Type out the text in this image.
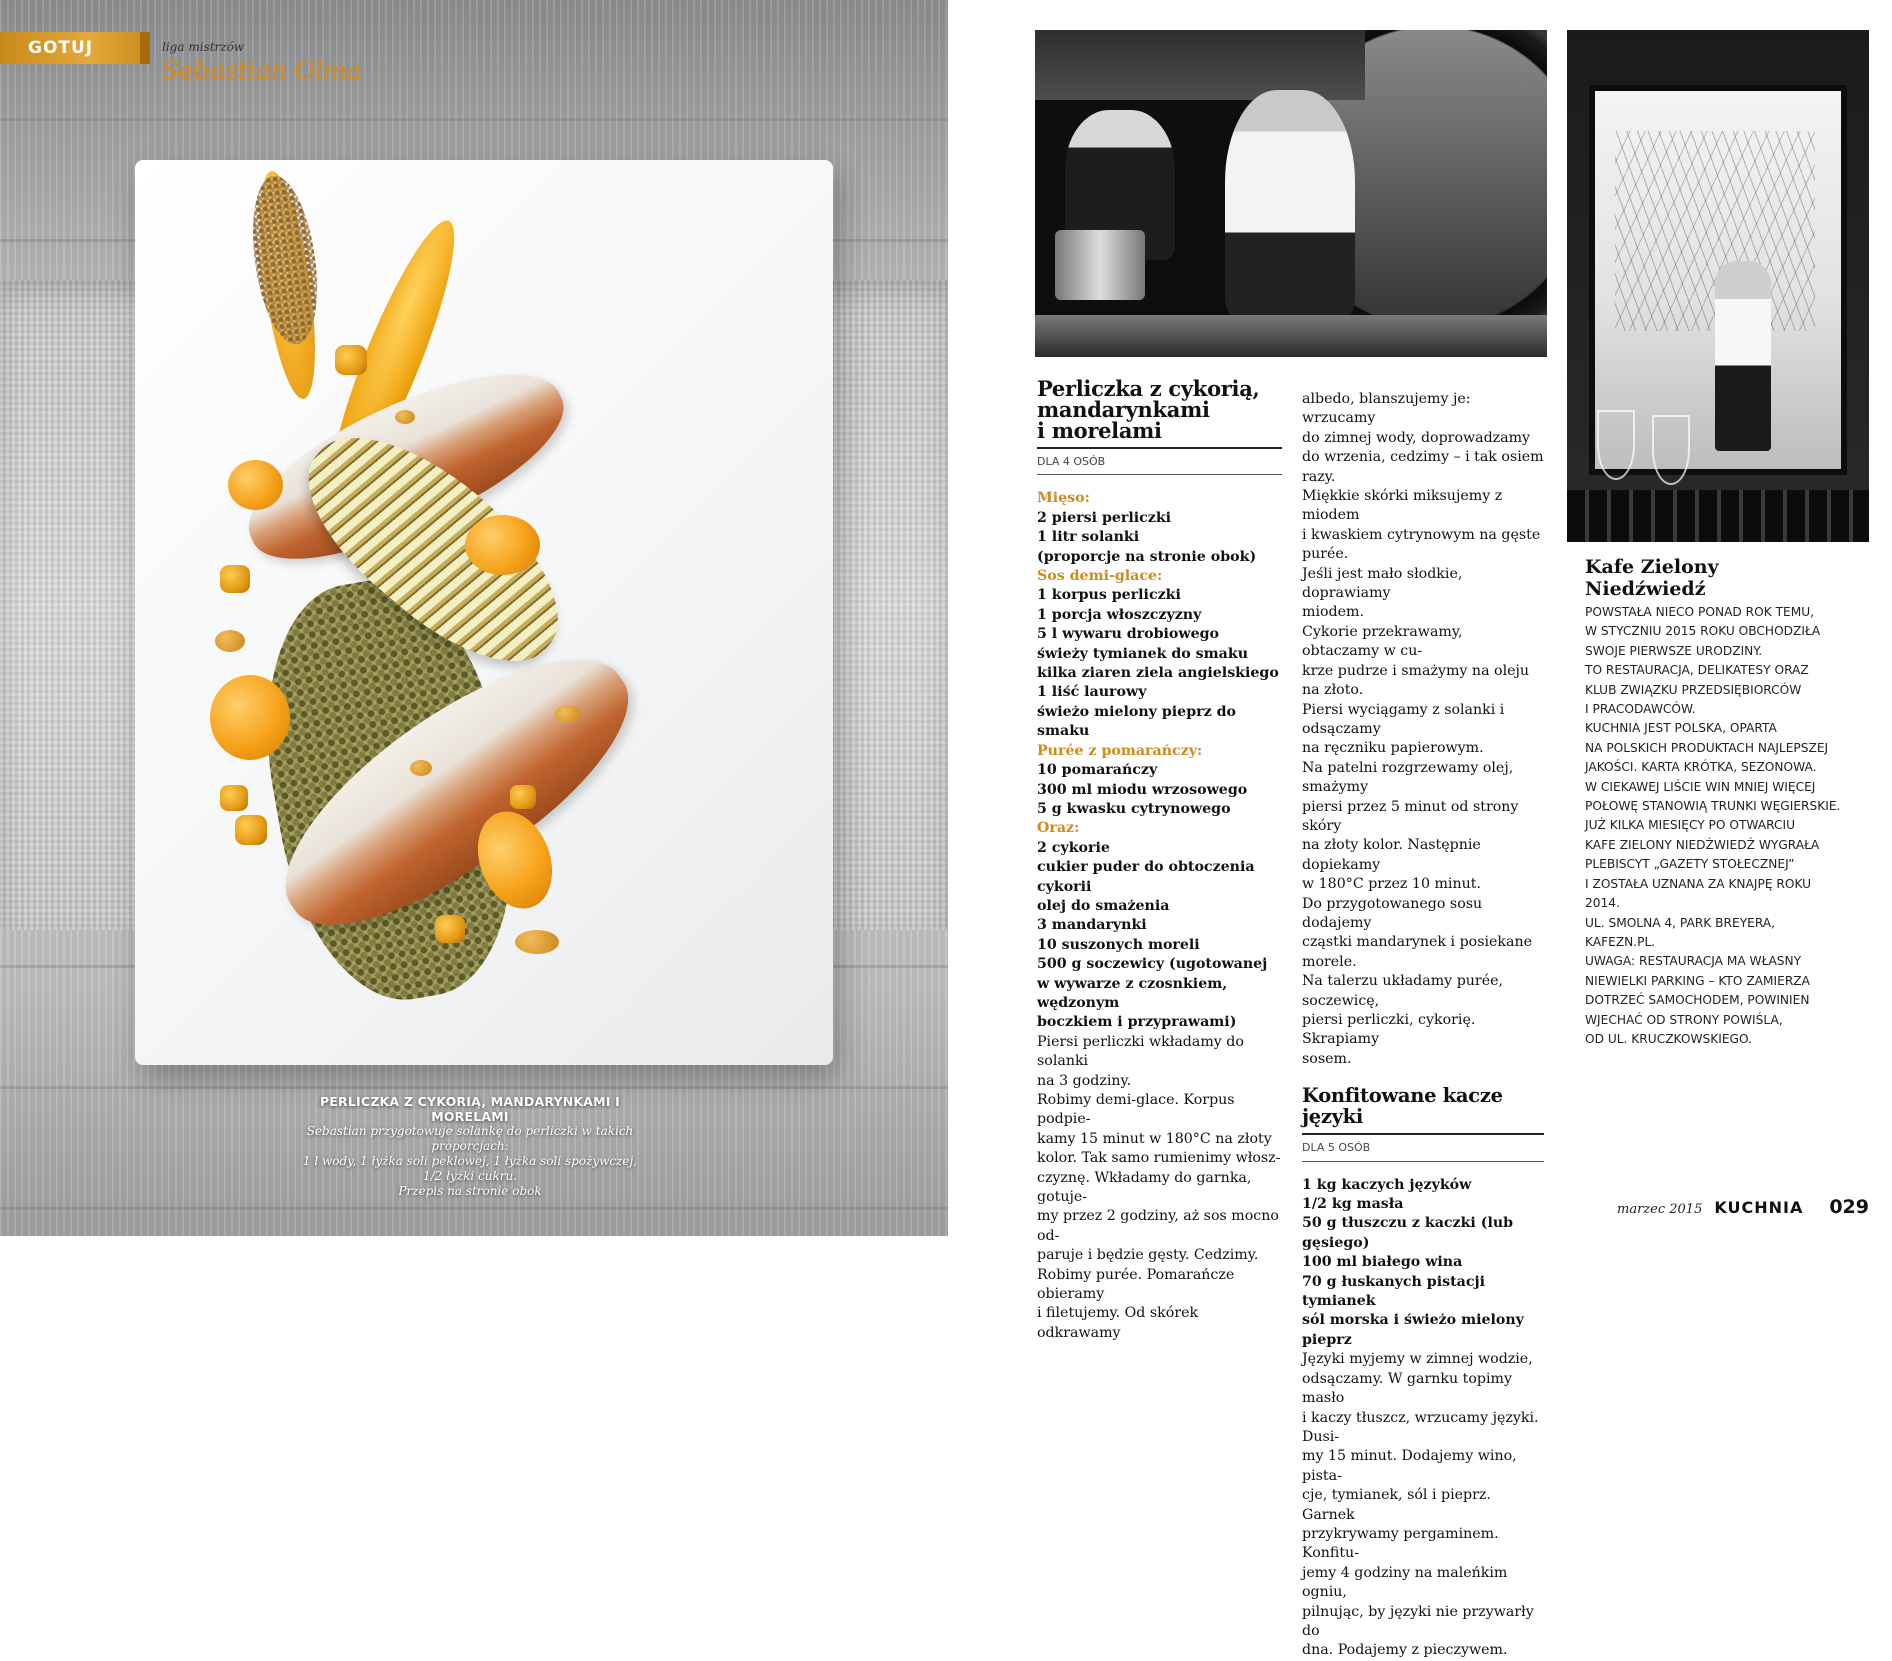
GOTUJ	liga mistrzów
Sebastian Olma
PERLICZKA Z CYKORIĄ, MANDARYNKAMI I MORELAMI
Sebastian przygotowuje solankę do perliczki w takich proporcjach:
1 l wody, 1 łyżka soli peklowej, 1 łyżka soli spożywczej,
1/2 łyżki cukru.
Przepis na stronie obok
Perliczka z cykorią,
mandarynkami
i morelami
DLA 4 OSÓB
Mięso:
2 piersi perliczki
1 litr solanki
(proporcje na stronie obok)
Sos demi-glace:
1 korpus perliczki
1 porcja włoszczyzny
5 l wywaru drobiowego
świeży tymianek do smaku
kilka ziaren ziela angielskiego
1 liść laurowy
świeżo mielony pieprz do smaku
Purée z pomarańczy:
10 pomarańczy
300 ml miodu wrzosowego
5 g kwasku cytrynowego
Oraz:
2 cykorie
cukier puder do obtoczenia cykorii
olej do smażenia
3 mandarynki
10 suszonych moreli
500 g soczewicy (ugotowanej
w wywarze z czosnkiem, wędzonym
boczkiem i przyprawami)
Piersi perliczki wkładamy do solanki
na 3 godziny.
Robimy demi-glace. Korpus podpie-
kamy 15 minut w 180°C na złoty
kolor. Tak samo rumienimy włosz-
czyznę. Wkładamy do garnka, gotuje-
my przez 2 godziny, aż sos mocno od-
paruje i będzie gęsty. Cedzimy.
Robimy purée. Pomarańcze obieramy
i filetujemy. Od skórek odkrawamy
albedo, blanszujemy je: wrzucamy
do zimnej wody, doprowadzamy
do wrzenia, cedzimy – i tak osiem razy.
Miękkie skórki miksujemy z miodem
i kwaskiem cytrynowym na gęste purée.
Jeśli jest mało słodkie, doprawiamy
miodem.
Cykorie przekrawamy, obtaczamy w cu-
krze pudrze i smażymy na oleju na złoto.
Piersi wyciągamy z solanki i odsączamy
na ręczniku papierowym.
Na patelni rozgrzewamy olej, smażymy
piersi przez 5 minut od strony skóry
na złoty kolor. Następnie dopiekamy
w 180°C przez 10 minut.
Do przygotowanego sosu dodajemy
cząstki mandarynek i posiekane morele.
Na talerzu układamy purée, soczewicę,
piersi perliczki, cykorię. Skrapiamy
sosem.
Konfitowane kacze języki
DLA 5 OSÓB
1 kg kaczych języków
1/2 kg masła
50 g tłuszczu z kaczki (lub gęsiego)
100 ml białego wina
70 g łuskanych pistacji
tymianek
sól morska i świeżo mielony pieprz
Języki myjemy w zimnej wodzie,
odsączamy. W garnku topimy masło
i kaczy tłuszcz, wrzucamy języki. Dusi-
my 15 minut. Dodajemy wino, pista-
cje, tymianek, sól i pieprz. Garnek
przykrywamy pergaminem. Konfitu-
jemy 4 godziny na maleńkim ogniu,
pilnując, by języki nie przywarły do
dna. Podajemy z pieczywem.
Kafe Zielony Niedźwiedź
POWSTAŁA NIECO PONAD ROK TEMU,
W STYCZNIU 2015 ROKU OBCHODZIŁA
SWOJE PIERWSZE URODZINY.
TO RESTAURACJA, DELIKATESY ORAZ
KLUB ZWIĄZKU PRZEDSIĘBIORCÓW
I PRACODAWCÓW.
KUCHNIA JEST POLSKA, OPARTA
NA POLSKICH PRODUKTACH NAJLEPSZEJ
JAKOŚCI. KARTA KRÓTKA, SEZONOWA.
W CIEKAWEJ LIŚCIE WIN MNIEJ WIĘCEJ
POŁOWĘ STANOWIĄ TRUNKI WĘGIERSKIE.
JUŻ KILKA MIESIĘCY PO OTWARCIU
KAFE ZIELONY NIEDŹWIEDŹ WYGRAŁA
PLEBISCYT „GAZETY STOŁECZNEJ”
I ZOSTAŁA UZNANA ZA KNAJPĘ ROKU 2014.
UL. SMOLNA 4, PARK BREYERA, KAFEZN.PL.
UWAGA: RESTAURACJA MA WŁASNY
NIEWIELKI PARKING – KTO ZAMIERZA
DOTRZEĆ SAMOCHODEM, POWINIEN
WJECHAĆ OD STRONY POWIŚLA,
OD UL. KRUCZKOWSKIEGO.
marzec 2015 KUCHNIA 029
